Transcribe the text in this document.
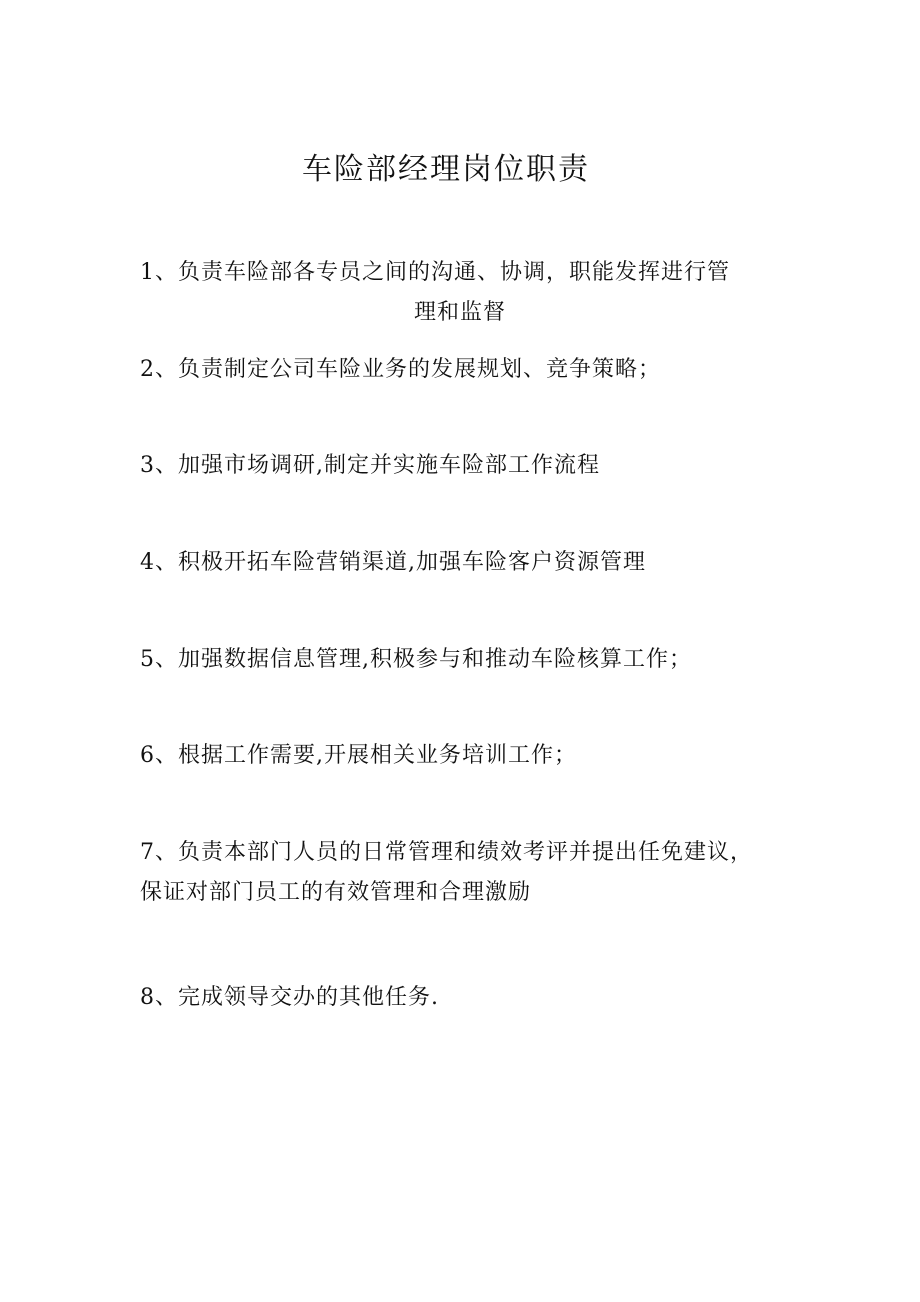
车险部经理岗位职责
1、负责车险部各专员之间的沟通、协调，职能发挥进行管
理和监督
2、负责制定公司车险业务的发展规划、竞争策略；
3、加强市场调研,制定并实施车险部工作流程
4、积极开拓车险营销渠道,加强车险客户资源管理
5、加强数据信息管理,积极参与和推动车险核算工作；
6、根据工作需要,开展相关业务培训工作；
7、负责本部门人员的日常管理和绩效考评并提出任免建议，
保证对部门员工的有效管理和合理激励
8、完成领导交办的其他任务.
